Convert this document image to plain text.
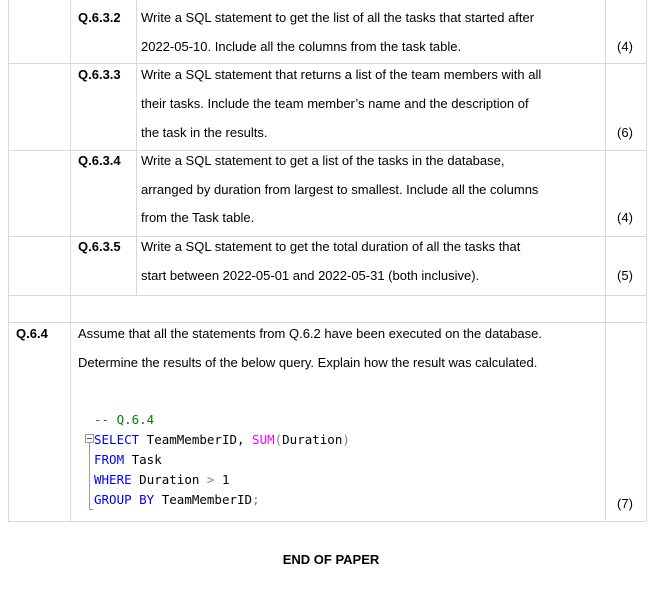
Q.6.3.2 Write a SQL statement to get the list of all the tasks that started after
2022-05-10. Include all the columns from the task table.	(4)
Q.6.3.3 Write a SQL statement that returns a list of the team members with all
their tasks. Include the team member’s name and the description of
the task in the results.	(6)
Q.6.3.4 Write a SQL statement to get a list of the tasks in the database,
arranged by duration from largest to smallest. Include all the columns
from the Task table.	(4)
Q.6.3.5 Write a SQL statement to get the total duration of all the tasks that
start between 2022-05-01 and 2022-05-31 (both inclusive).	(5)
Q.6.4 Assume that all the statements from Q.6.2 have been executed on the database.
Determine the results of the below query. Explain how the result was calculated.
-- Q.6.4
SELECT TeamMemberID, SUM(Duration)
FROM Task
WHERE Duration > 1
GROUP BY TeamMemberID;	(7)
END OF PAPER
